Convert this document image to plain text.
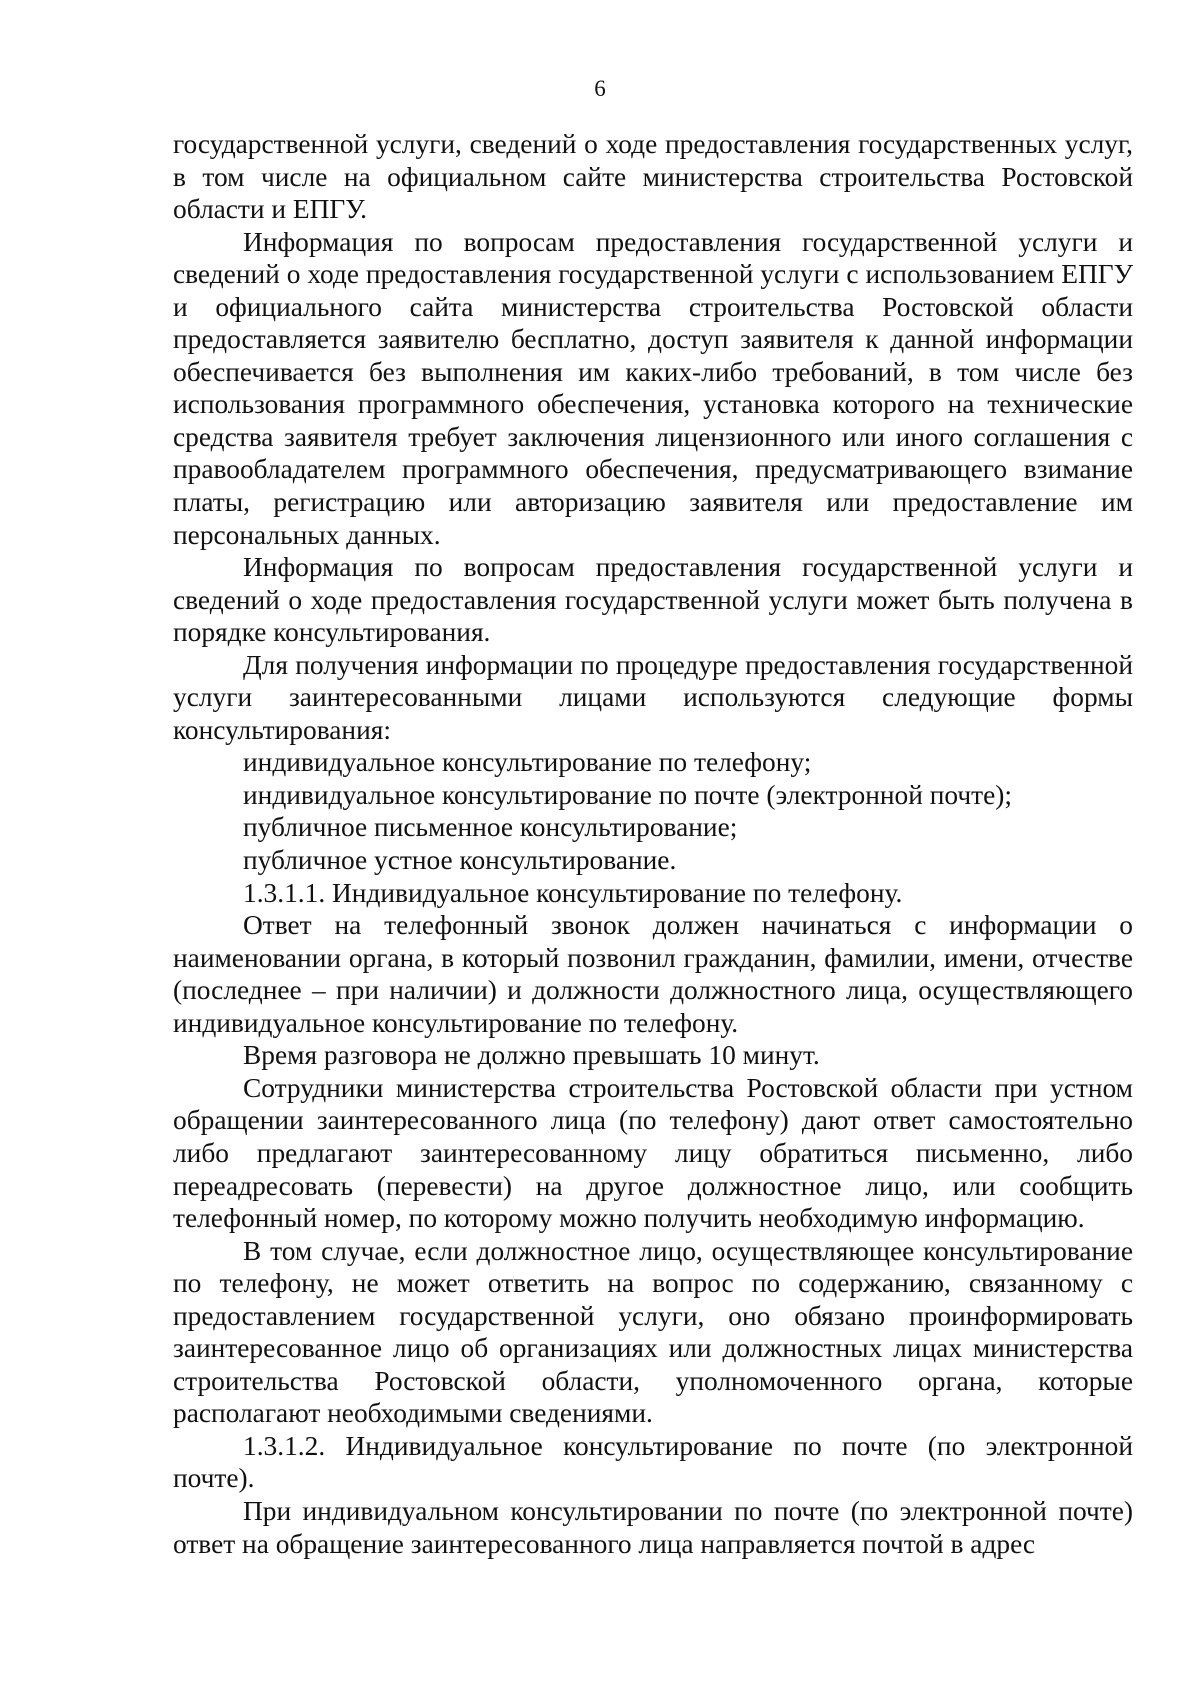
6

государственной услуги, сведений о ходе предоставления государственных услуг, в том числе на официальном сайте министерства строительства Ростовской области и ЕПГУ.

Информация по вопросам предоставления государственной услуги и сведений о ходе предоставления государственной услуги с использованием ЕПГУ и официального сайта министерства строительства Ростовской области предоставляется заявителю бесплатно, доступ заявителя к данной информации обеспечивается без выполнения им каких-либо требований, в том числе без использования программного обеспечения, установка которого на технические средства заявителя требует заключения лицензионного или иного соглашения с правообладателем программного обеспечения, предусматривающего взимание платы, регистрацию или авторизацию заявителя или предоставление им персональных данных.

Информация по вопросам предоставления государственной услуги и сведений о ходе предоставления государственной услуги может быть получена в порядке консультирования.

Для получения информации по процедуре предоставления государственной услуги заинтересованными лицами используются следующие формы консультирования:

индивидуальное консультирование по телефону;

индивидуальное консультирование по почте (электронной почте);

публичное письменное консультирование;

публичное устное консультирование.

1.3.1.1. Индивидуальное консультирование по телефону.

Ответ на телефонный звонок должен начинаться с информации о наименовании органа, в который позвонил гражданин, фамилии, имени, отчестве (последнее – при наличии) и должности должностного лица, осуществляющего индивидуальное консультирование по телефону.

Время разговора не должно превышать 10 минут.

Сотрудники министерства строительства Ростовской области при устном обращении заинтересованного лица (по телефону) дают ответ самостоятельно либо предлагают заинтересованному лицу обратиться письменно, либо переадресовать (перевести) на другое должностное лицо, или сообщить телефонный номер, по которому можно получить необходимую информацию.

В том случае, если должностное лицо, осуществляющее консультирование по телефону, не может ответить на вопрос по содержанию, связанному с предоставлением государственной услуги, оно обязано проинформировать заинтересованное лицо об организациях или должностных лицах министерства строительства Ростовской области, уполномоченного органа, которые располагают необходимыми сведениями.

1.3.1.2. Индивидуальное консультирование по почте (по электронной почте).

При индивидуальном консультировании по почте (по электронной почте) ответ на обращение заинтересованного лица направляется почтой в адрес
